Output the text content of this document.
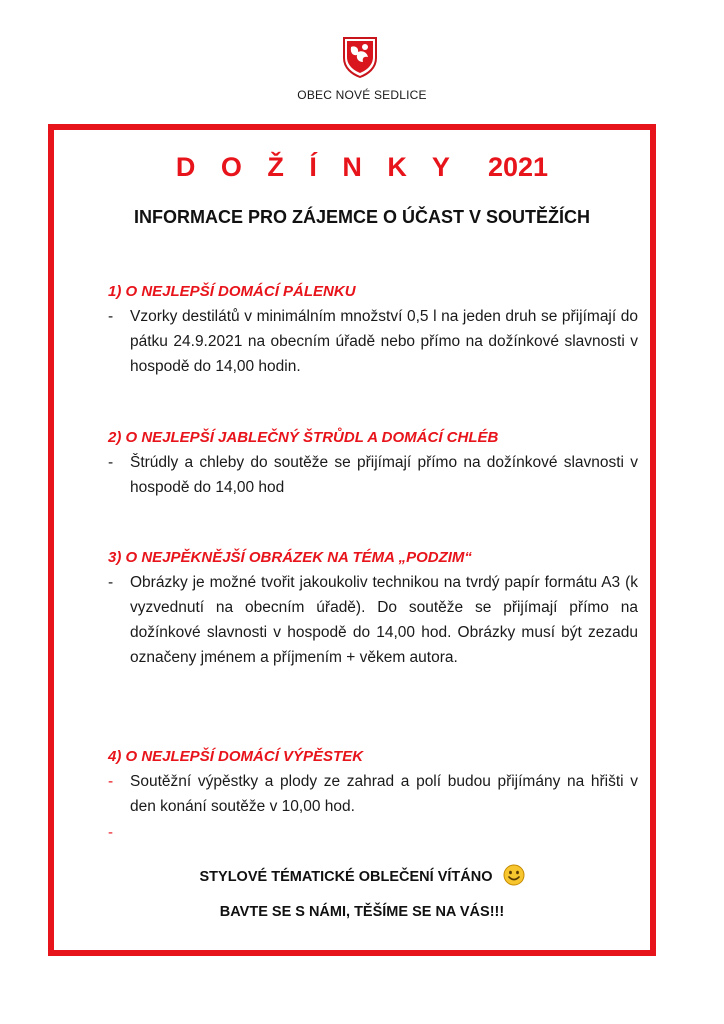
OBEC NOVÉ SEDLICE
D O Ž Í N K Y 2021
INFORMACE PRO ZÁJEMCE O ÚČAST V SOUTĚŽÍCH
1) O NEJLEPŠÍ DOMÁCÍ PÁLENKU
- Vzorky destilátů v minimálním množství 0,5 l na jeden druh se přijímají do pátku 24.9.2021 na obecním úřadě nebo přímo na dožínkové slavnosti v hospodě do 14,00 hodin.
2) O NEJLEPŠÍ JABLEČNÝ ŠTRŮDL A DOMÁCÍ CHLÉB
- Štrúdly a chleby do soutěže se přijímají přímo na dožínkové slavnosti v hospodě do 14,00 hod
3) O NEJPĚKNĚJŠÍ OBRÁZEK NA TÉMA „PODZIM“
- Obrázky je možné tvořit jakoukoliv technikou na tvrdý papír formátu A3 (k vyzvednutí na obecním úřadě). Do soutěže se přijímají přímo na dožínkové slavnosti v hospodě do 14,00 hod. Obrázky musí být zezadu označeny jménem a příjmením + věkem autora.
4) O NEJLEPŠÍ DOMÁCÍ VÝPĚSTEK
- Soutěžní výpěstky a plody ze zahrad a polí budou přijímány na hřišti v den konání soutěže v 10,00 hod.
-
STYLOVÉ TÉMATICKÉ OBLEČENÍ VÍTÁNO
BAVTE SE S NÁMI, TĚŠÍME SE NA VÁS!!!
